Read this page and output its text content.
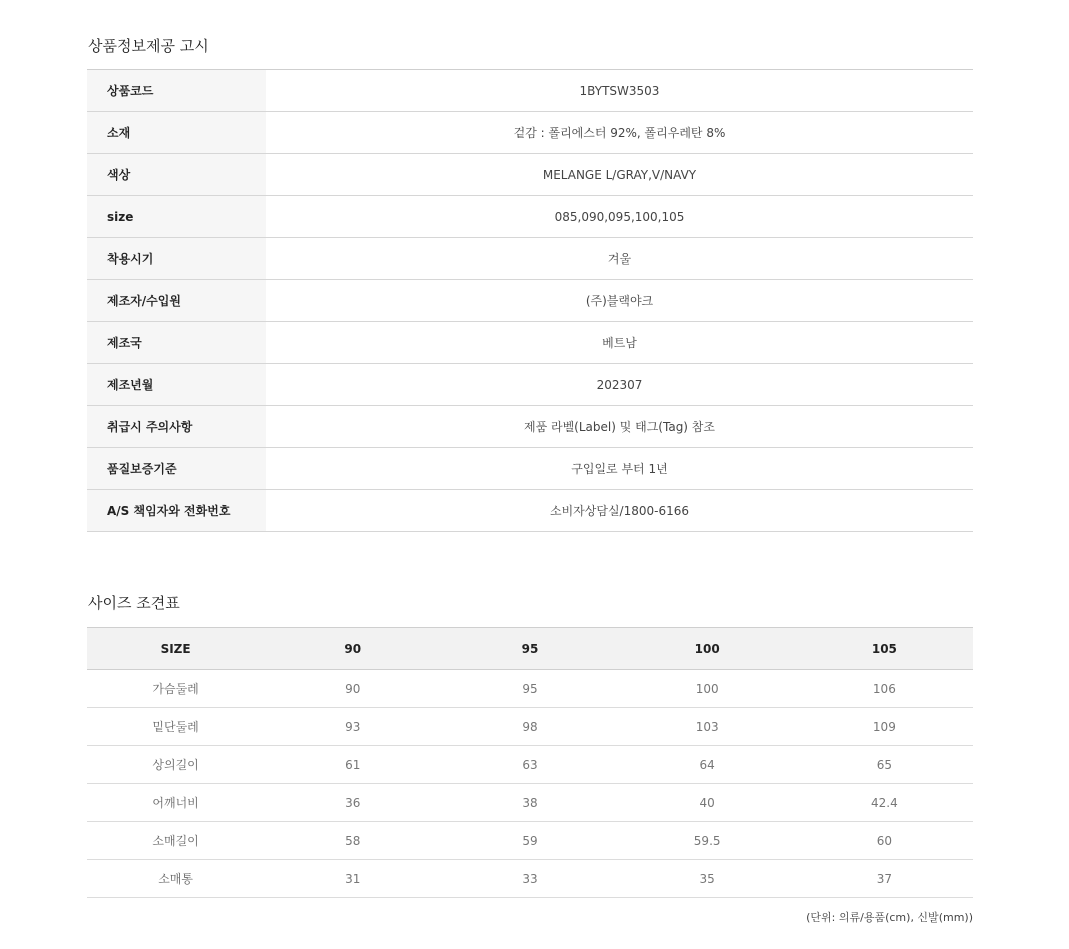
상품정보제공 고시
상품코드	1BYTSW3503
소재	겉감 : 폴리에스터 92%, 폴리우레탄 8%
색상	MELANGE L/GRAY,V/NAVY
size	085,090,095,100,105
착용시기	겨울
제조자/수입원	(주)블랙야크
제조국	베트남
제조년월	202307
취급시 주의사항	제품 라벨(Label) 및 태그(Tag) 참조
품질보증기준	구입일로 부터 1년
A/S 책임자와 전화번호	소비자상담실/1800-6166
사이즈 조견표
SIZE	90	95	100	105
가슴둘레	90	95	100	106
밑단둘레	93	98	103	109
상의길이	61	63	64	65
어깨너비	36	38	40	42.4
소매길이	58	59	59.5	60
소매통	31	33	35	37
(단위: 의류/용품(cm), 신발(mm))
